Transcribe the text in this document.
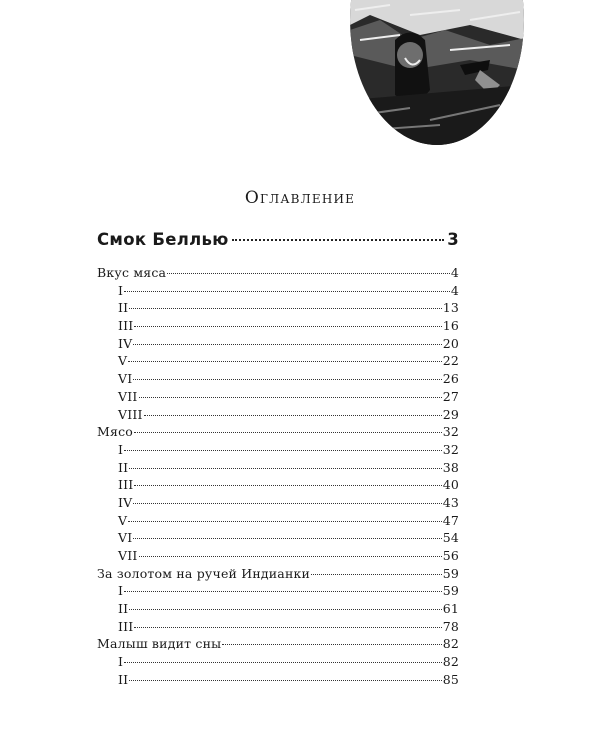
Оглавление
Смок Беллью	3
Вкус мяса	4
I	4
II	13
III	16
IV	20
V	22
VI	26
VII	27
VIII	29
Мясо	32
I	32
II	38
III	40
IV	43
V	47
VI	54
VII	56
За золотом на ручей Индианки	59
I	59
II	61
III	78
Малыш видит сны	82
I	82
II	85
